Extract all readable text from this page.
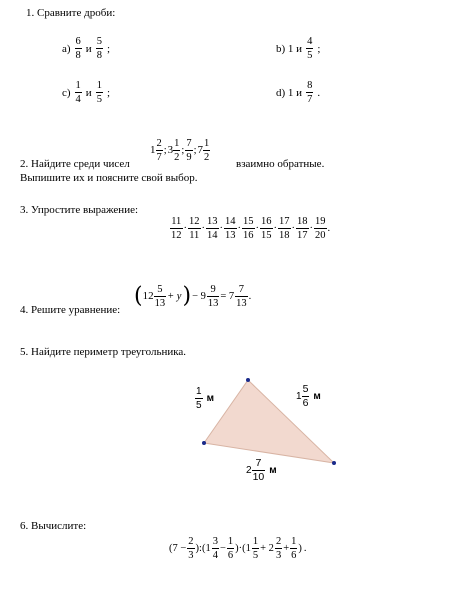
1. Сравните дроби:
$а) \frac{6}{8}$ и $\frac{5}{8}$ ;	b) 1 и $\frac{4}{5}$ ;
$с) \frac{1}{4}$ и $\frac{1}{5}$ ;	d) 1 и $\frac{8}{7}$ .
$1 \frac{2}{7}$ ;3 $\frac{1}{2}$ ; $\frac{7}{9}$ ;7 $\frac{1}{2}$
2. Найдите среди чисел	взаимно обратные.
Выпишите их и поясните свой выбор.
3. Упростите выражение:
$\frac{11}{12} \cdot \frac{12}{11} \cdot \frac{13}{14} \cdot \frac{14}{13} \cdot \frac{15}{16} \cdot \frac{16}{15} \cdot \frac{17}{18} \cdot \frac{18}{17} \cdot \frac{19}{20}$ .
4. Решите уравнение:
$(12 \frac{5}{13} + y)- 9 \frac{9}{13} = 7 \frac{7}{13}$ .
5. Найдите периметр треугольника.
$\frac{1}{5}$ м	$1 \frac{5}{6}$ м
$2 \frac{7}{10}$ м
6. Вычислите:
($7 - \frac{2}{3}$ ):(1 $\frac{3}{4} - \frac{1}{6} )\cdot(1 \frac{1}{5} + 2 \frac{2}{3} + \frac{1}{6}$ ) .
